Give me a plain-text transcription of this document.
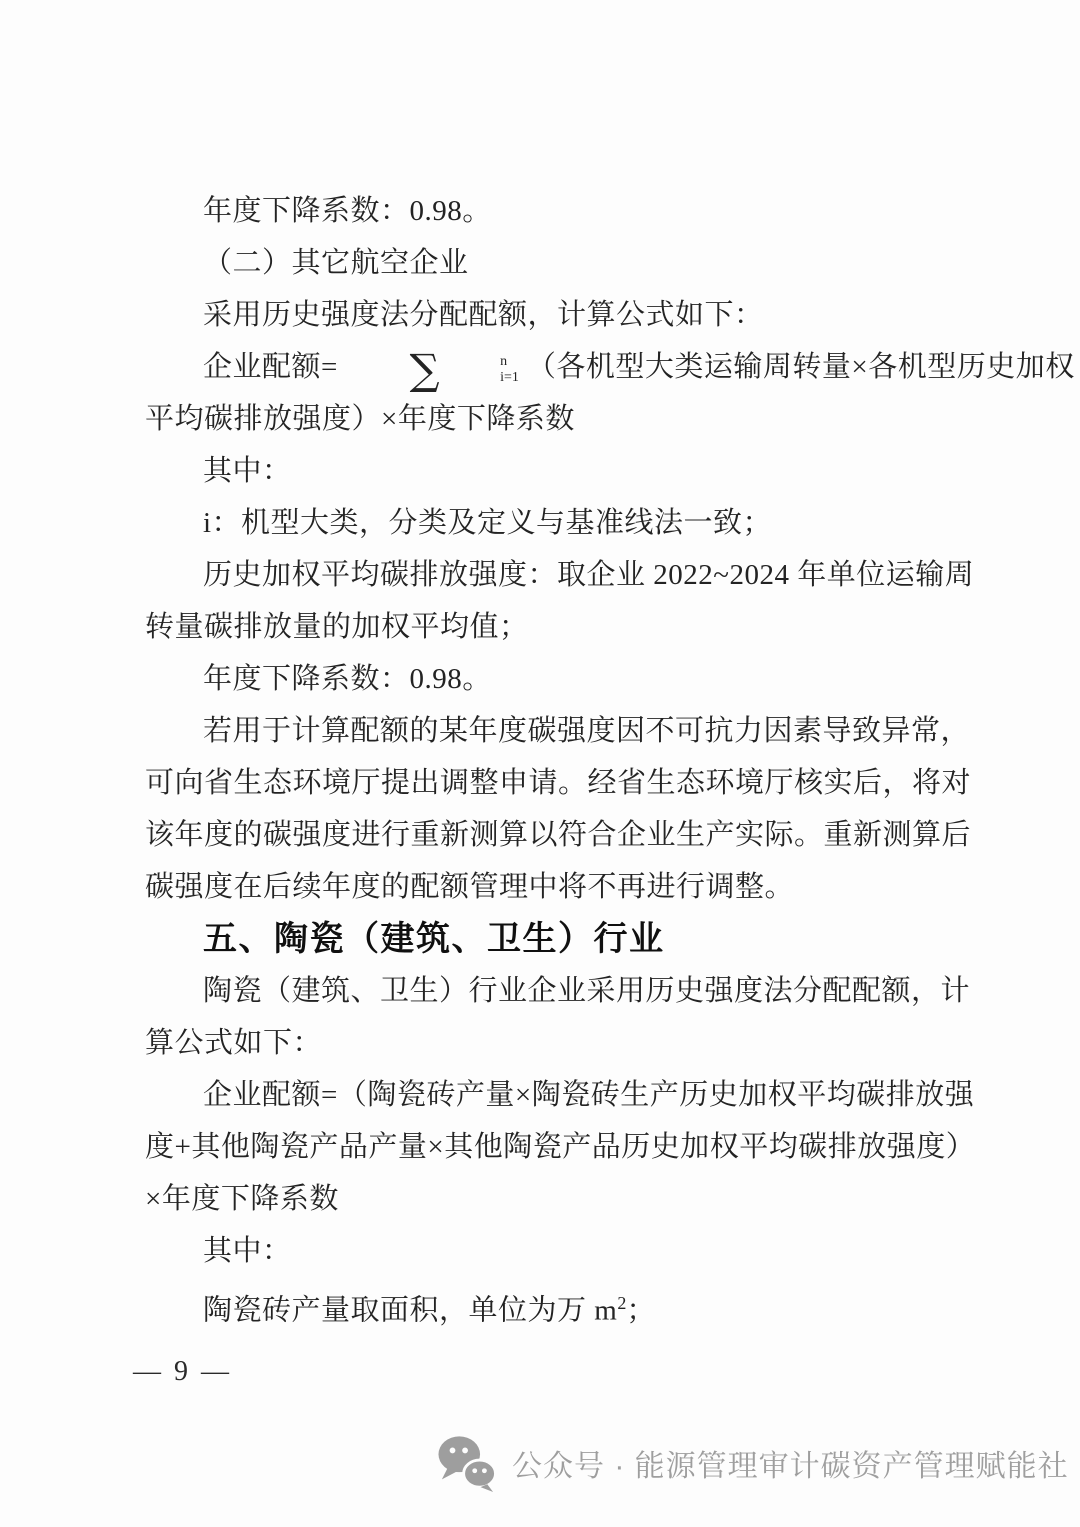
年度下降系数：0.98。
（二）其它航空企业
采用历史强度法分配配额，计算公式如下：
企业配额=	∑	n
i=1 （各机型大类运输周转量×各机型历史加权
平均碳排放强度）×年度下降系数
其中：
i：机型大类，分类及定义与基准线法一致；
历史加权平均碳排放强度：取企业 2022~2024 年单位运输周
转量碳排放量的加权平均值；
年度下降系数：0.98。
若用于计算配额的某年度碳强度因不可抗力因素导致异常，
可向省生态环境厅提出调整申请。经省生态环境厅核实后，将对
该年度的碳强度进行重新测算以符合企业生产实际。重新测算后
碳强度在后续年度的配额管理中将不再进行调整。
五、陶瓷（建筑、卫生）行业
陶瓷（建筑、卫生）行业企业采用历史强度法分配配额，计
算公式如下：
企业配额=（陶瓷砖产量×陶瓷砖生产历史加权平均碳排放强
度+其他陶瓷产品产量×其他陶瓷产品历史加权平均碳排放强度）
×年度下降系数
其中：
陶瓷砖产量取面积，单位为万 $m^2$；
— 9 —
公众号 · 能源管理审计碳资产管理赋能社
